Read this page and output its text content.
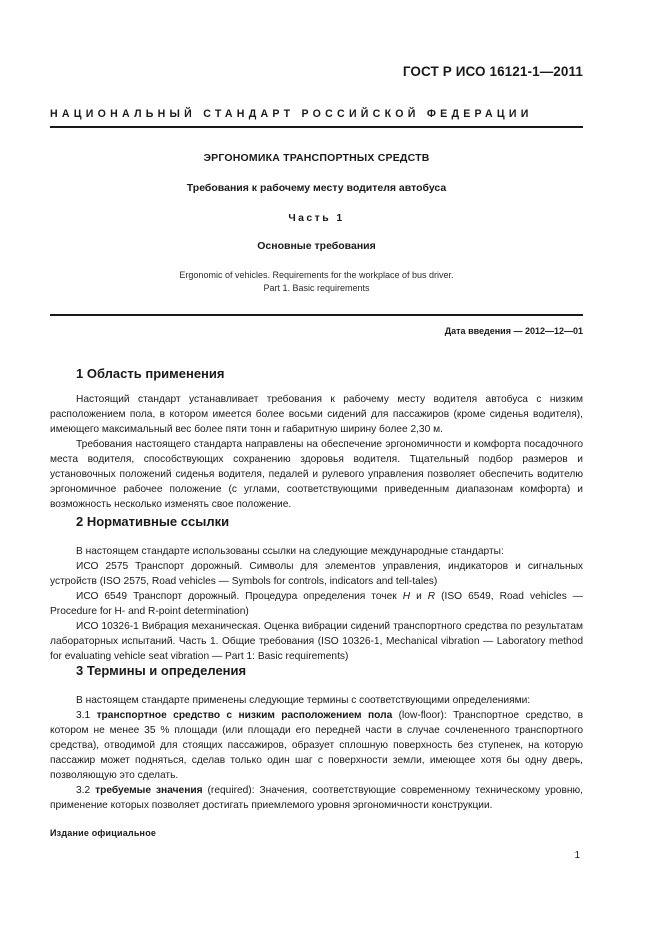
ГОСТ Р ИСО 16121-1—2011
НАЦИОНАЛЬНЫЙ СТАНДАРТ РОССИЙСКОЙ ФЕДЕРАЦИИ
ЭРГОНОМИКА ТРАНСПОРТНЫХ СРЕДСТВ
Требования к рабочему месту водителя автобуса
Часть 1
Основные требования
Ergonomic of vehicles. Requirements for the workplace of bus driver.
Part 1. Basic requirements
Дата введения — 2012—12—01
1 Область применения

Настоящий стандарт устанавливает требования к рабочему месту водителя автобуса с низким расположением пола, в котором имеется более восьми сидений для пассажиров (кроме сиденья водителя), имеющего максимальный вес более пяти тонн и габаритную ширину более 2,30 м.

Требования настоящего стандарта направлены на обеспечение эргономичности и комфорта посадочного места водителя, способствующих сохранению здоровья водителя. Тщательный подбор размеров и установочных положений сиденья водителя, педалей и рулевого управления позволяет обеспечить водителю эргономичное рабочее положение (с углами, соответствующими приведенным диапазонам комфорта) и возможность несколько изменять свое положение.

2 Нормативные ссылки

В настоящем стандарте использованы ссылки на следующие международные стандарты:

ИСО 2575 Транспорт дорожный. Символы для элементов управления, индикаторов и сигнальных устройств (ISO 2575, Road vehicles — Symbols for controls, indicators and tell-tales)

ИСО 6549 Транспорт дорожный. Процедура определения точек H и R (ISO 6549, Road vehicles — Procedure for H- and R-point determination)

ИСО 10326-1 Вибрация механическая. Оценка вибрации сидений транспортного средства по результатам лабораторных испытаний. Часть 1. Общие требования (ISO 10326-1, Mechanical vibration — Laboratory method for evaluating vehicle seat vibration — Part 1: Basic requirements)

3 Термины и определения

В настоящем стандарте применены следующие термины с соответствующими определениями:

3.1 транспортное средство с низким расположением пола (low-floor): Транспортное средство, в котором не менее 35 % площади (или площади его передней части в случае сочлененного транспортного средства), отводимой для стоящих пассажиров, образует сплошную поверхность без ступенек, на которую пассажир может подняться, сделав только один шаг с поверхности земли, имеющее хотя бы одну дверь, позволяющую это сделать.

3.2 требуемые значения (required): Значения, соответствующие современному техническому уровню, применение которых позволяет достигать приемлемого уровня эргономичности конструкции.

Издание официальное
1
